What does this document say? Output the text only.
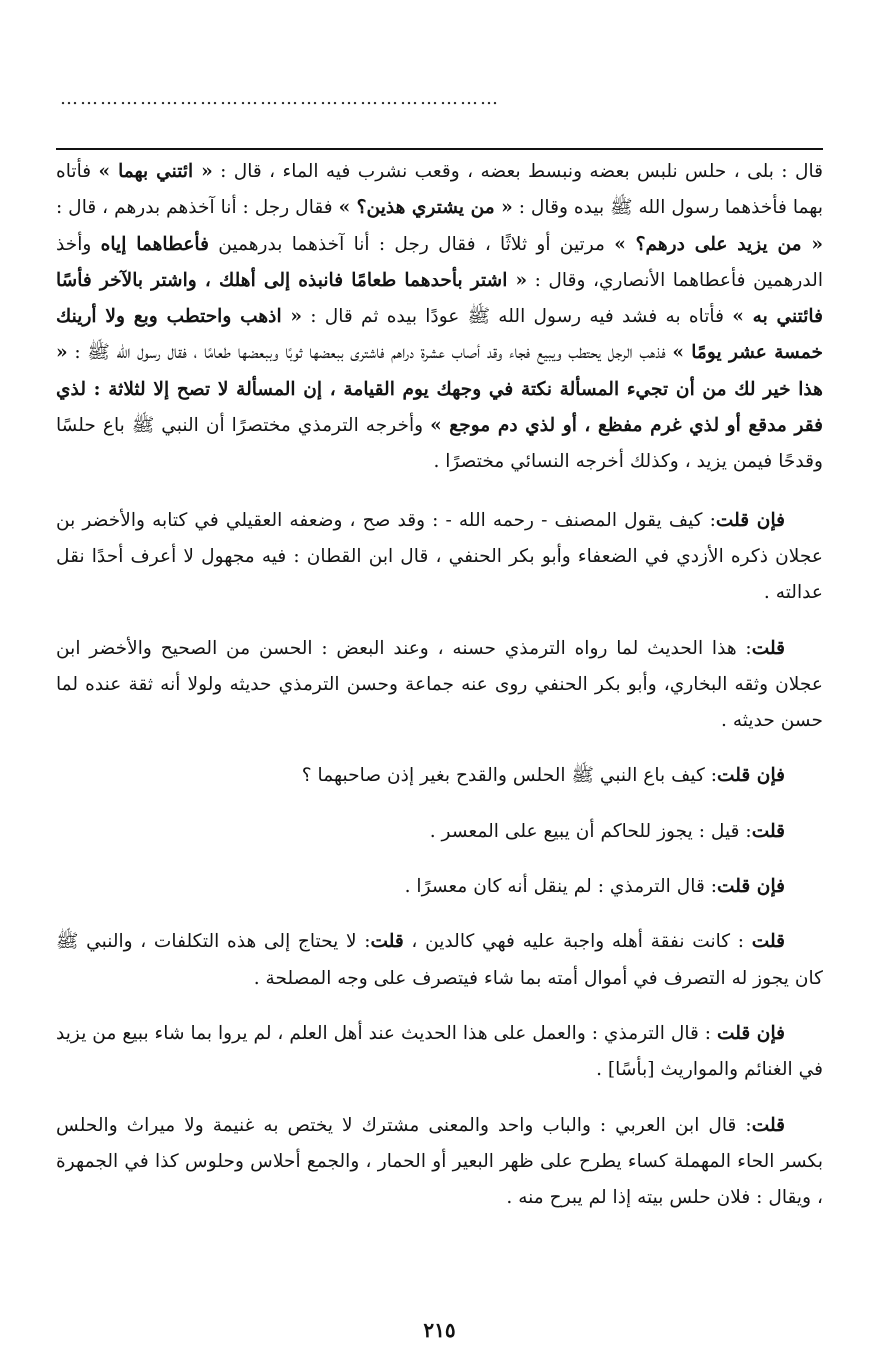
…………………………………………………………

قال : بلى ، حلس نلبس بعضه ونبسط بعضه ، وقعب نشرب فيه الماء ، قال : « ائتني بهما » فأتاه بهما فأخذهما رسول الله ﷺ بيده وقال : « من يشتري هذين؟ » فقال رجل : أنا آخذهم بدرهم ، قال : « من يزيد على درهم؟ » مرتين أو ثلاثًا ، فقال رجل : أنا آخذهما بدرهمين فأعطاهما إياه وأخذ الدرهمين فأعطاهما الأنصاري، وقال : « اشتر بأحدهما طعامًا فانبذه إلى أهلك ، واشتر بالآخر فأسًا فائتني به » فأتاه به فشد فيه رسول الله ﷺ عودًا بيده ثم قال : « اذهب واحتطب وبع ولا أرينك خمسة عشر يومًا » فذهب الرجل يحتطب ويبيع فجاء وقد أصاب عشرة دراهم فاشترى ببعضها ثوبًا وببعضها طعامًا ، فقال رسول الله ﷺ : « هذا خير لك من أن تجيء المسألة نكتة في وجهك يوم القيامة ، إن المسألة لا تصح إلا لثلاثة : لذي فقر مدقع أو لذي غرم مفظع ، أو لذي دم موجع » وأخرجه الترمذي مختصرًا أن النبي ﷺ باع حلسًا وقدحًا فيمن يزيد ، وكذلك أخرجه النسائي مختصرًا .

فإن قلت: كيف يقول المصنف - رحمه الله - : وقد صح ، وضعفه العقيلي في كتابه والأخضر بن عجلان ذكره الأزدي في الضعفاء وأبو بكر الحنفي ، قال ابن القطان : فيه مجهول لا أعرف أحدًا نقل عدالته .

قلت: هذا الحديث لما رواه الترمذي حسنه ، وعند البعض : الحسن من الصحيح والأخضر ابن عجلان وثقه البخاري، وأبو بكر الحنفي روى عنه جماعة وحسن الترمذي حديثه ولولا أنه ثقة عنده لما حسن حديثه .

فإن قلت: كيف باع النبي ﷺ الحلس والقدح بغير إذن صاحبهما ؟

قلت: قيل : يجوز للحاكم أن يبيع على المعسر .

فإن قلت: قال الترمذي : لم ينقل أنه كان معسرًا .

قلت : كانت نفقة أهله واجبة عليه فهي كالدين ، قلت: لا يحتاج إلى هذه التكلفات ، والنبي ﷺ كان يجوز له التصرف في أموال أمته بما شاء فيتصرف على وجه المصلحة .

فإن قلت : قال الترمذي : والعمل على هذا الحديث عند أهل العلم ، لم يروا بما شاء ببيع من يزيد في الغنائم والمواريث [بأسًا] .

قلت: قال ابن العربي : والباب واحد والمعنى مشترك لا يختص به غنيمة ولا ميراث والحلس بكسر الحاء المهملة كساء يطرح على ظهر البعير أو الحمار ، والجمع أحلاس وحلوس كذا في الجمهرة ، ويقال : فلان حلس بيته إذا لم يبرح منه .

٢١٥
